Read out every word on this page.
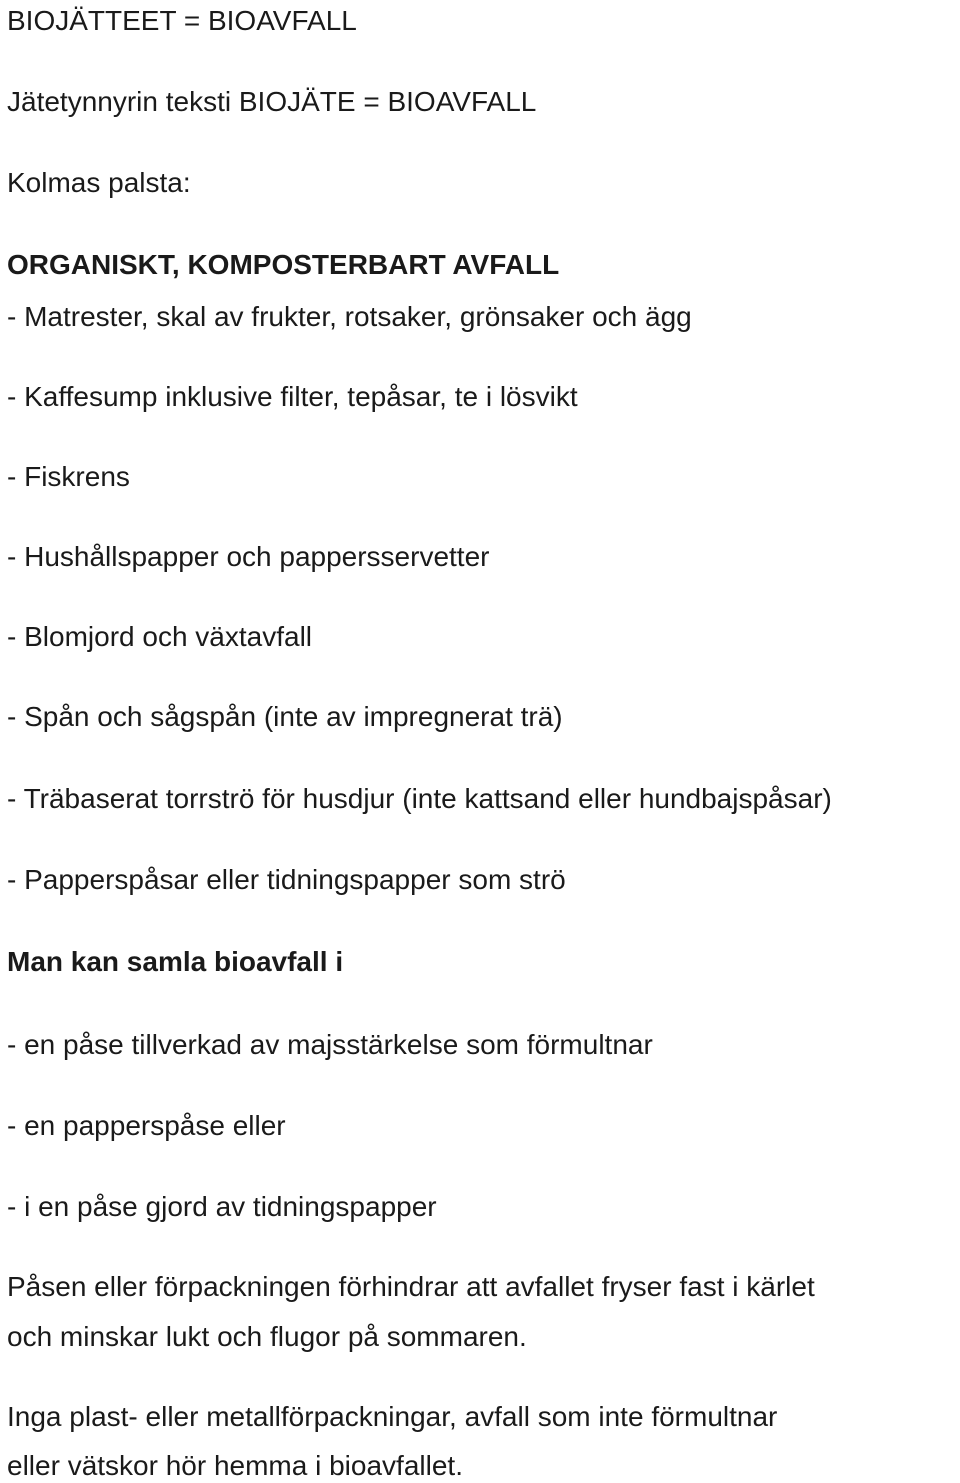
BIOJÄTTEET = BIOAVFALL
Jätetynnyrin teksti BIOJÄTE = BIOAVFALL
Kolmas palsta:
ORGANISKT, KOMPOSTERBART AVFALL
- Matrester, skal av frukter, rotsaker, grönsaker och ägg
- Kaffesump inklusive filter, tepåsar, te i lösvikt
- Fiskrens
- Hushållspapper och pappersservetter
- Blomjord och växtavfall
- Spån och sågspån (inte av impregnerat trä)
- Träbaserat torrströ för husdjur (inte kattsand eller hundbajspåsar)
- Papperspåsar eller tidningspapper som strö
Man kan samla bioavfall i
- en påse tillverkad av majsstärkelse som förmultnar
- en papperspåse eller
- i en påse gjord av tidningspapper
Påsen eller förpackningen förhindrar att avfallet fryser fast i kärlet
och minskar lukt och flugor på sommaren.
Inga plast- eller metallförpackningar, avfall som inte förmultnar
eller vätskor hör hemma i bioavfallet.
